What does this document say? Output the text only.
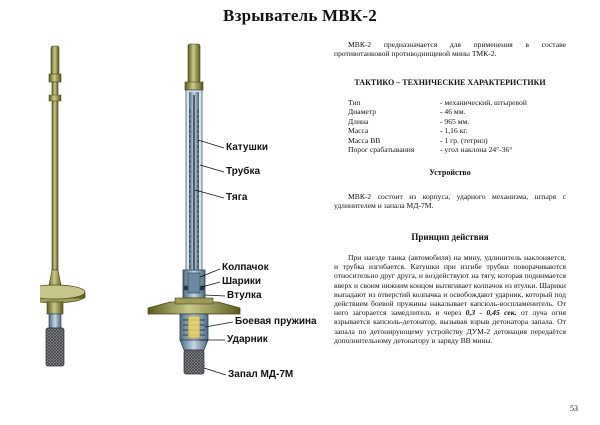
Взрыватель МВК-2
Катушки
Трубка
Тяга
Колпачок
Шарики
Втулка
Боевая пружина
Ударник
Запал МД-7М

МВК-2 предназначается для применения в составе противотанковой противоднищевой мины ТМК-2.

ТАКТИКО – ТЕХНИЧЕСКИЕ ХАРАКТЕРИСТИКИ

Тип	- механический, штыревой
Диаметр	- 46 мм.
Длина	- 965 мм.
Масса	- 1,16 кг.
Масса ВВ	- 1 гр. (тетрил)
Порог срабатывания	- угол наклона 24°-36°

Устройство

МВК-2 состоит из корпуса, ударного механизма, штыря с удлинителем и запала МД-7М.

Принцип действия

При наезде танка (автомобиля) на мину, удлинитель наклоняется, и трубка изгибается. Катушки при изгибе трубки поворачиваются относительно друг друга, и воздействуют на тягу, которая поднимается вверх и своим нижним концом вытягивает колпачок из втулки. Шарики выпадают из отверстий колпачка и освобождают ударник, который под действием боевой пружины накалывает капсюль-воспламенитель. От него загорается замедлитель и через 0,3 - 0,45 сек. от луча огня взрывается капсюль-детонатор, вызывая взрыв детонатора запала. От запала по детонирующему устройству ДУМ-2 детонация передаётся дополнительному детонатору и заряду ВВ мины.

53
